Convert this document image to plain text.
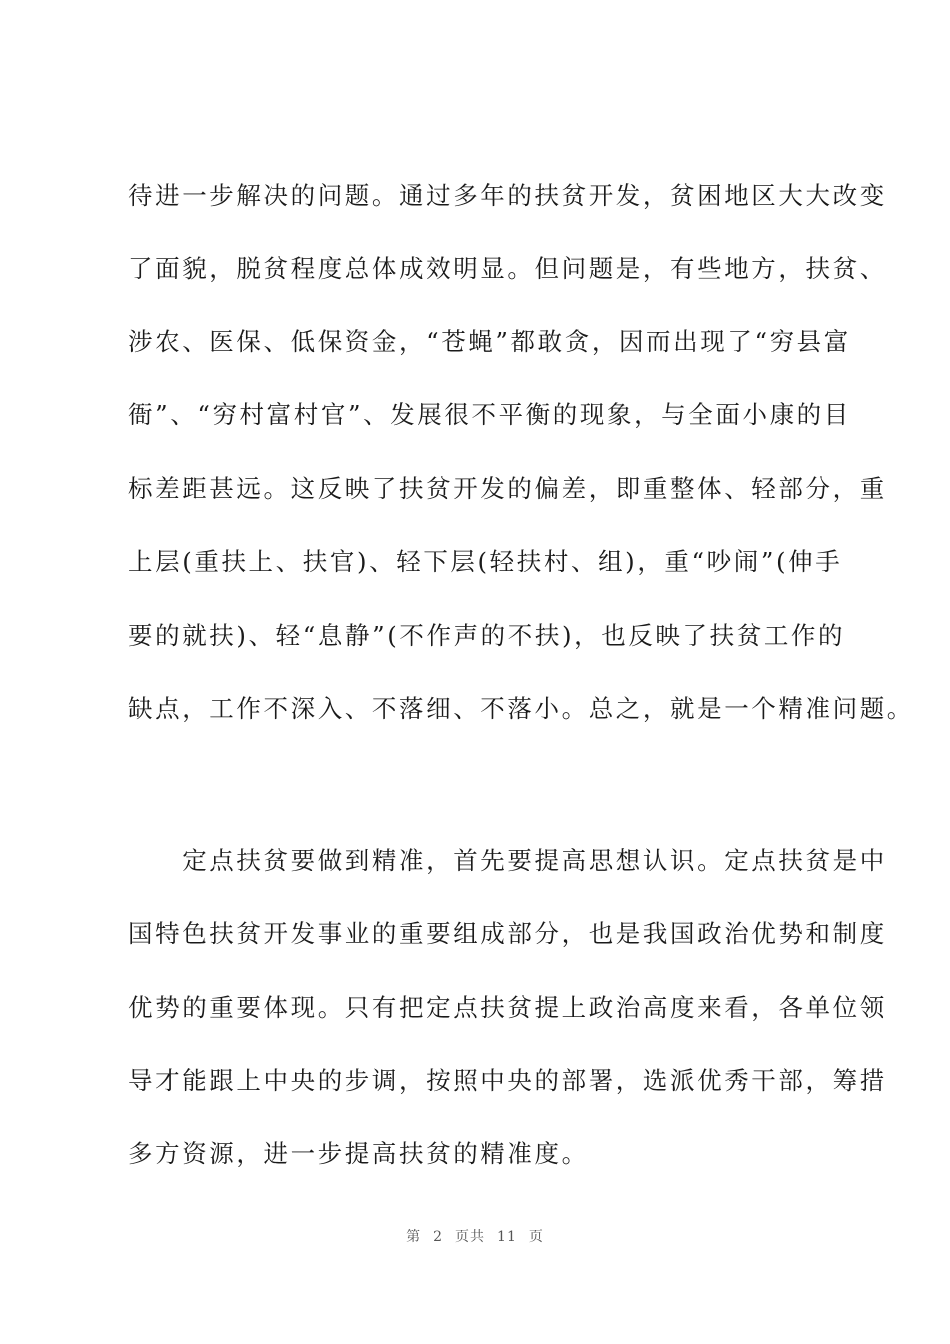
待进一步解决的问题。通过多年的扶贫开发，贫困地区大大改变
了面貌，脱贫程度总体成效明显。但问题是，有些地方，扶贫、
涉农、医保、低保资金，“苍蝇”都敢贪，因而出现了“穷县富
衙”、“穷村富村官”、发展很不平衡的现象，与全面小康的目
标差距甚远。这反映了扶贫开发的偏差，即重整体、轻部分，重
上层(重扶上、扶官)、轻下层(轻扶村、组)，重“吵闹”(伸手
要的就扶)、轻“息静”(不作声的不扶)，也反映了扶贫工作的
缺点，工作不深入、不落细、不落小。总之，就是一个精准问题。
　　定点扶贫要做到精准，首先要提高思想认识。定点扶贫是中
国特色扶贫开发事业的重要组成部分，也是我国政治优势和制度
优势的重要体现。只有把定点扶贫提上政治高度来看，各单位领
导才能跟上中央的步调，按照中央的部署，选派优秀干部，筹措
多方资源，进一步提高扶贫的精准度。
第 2 页共 11 页
